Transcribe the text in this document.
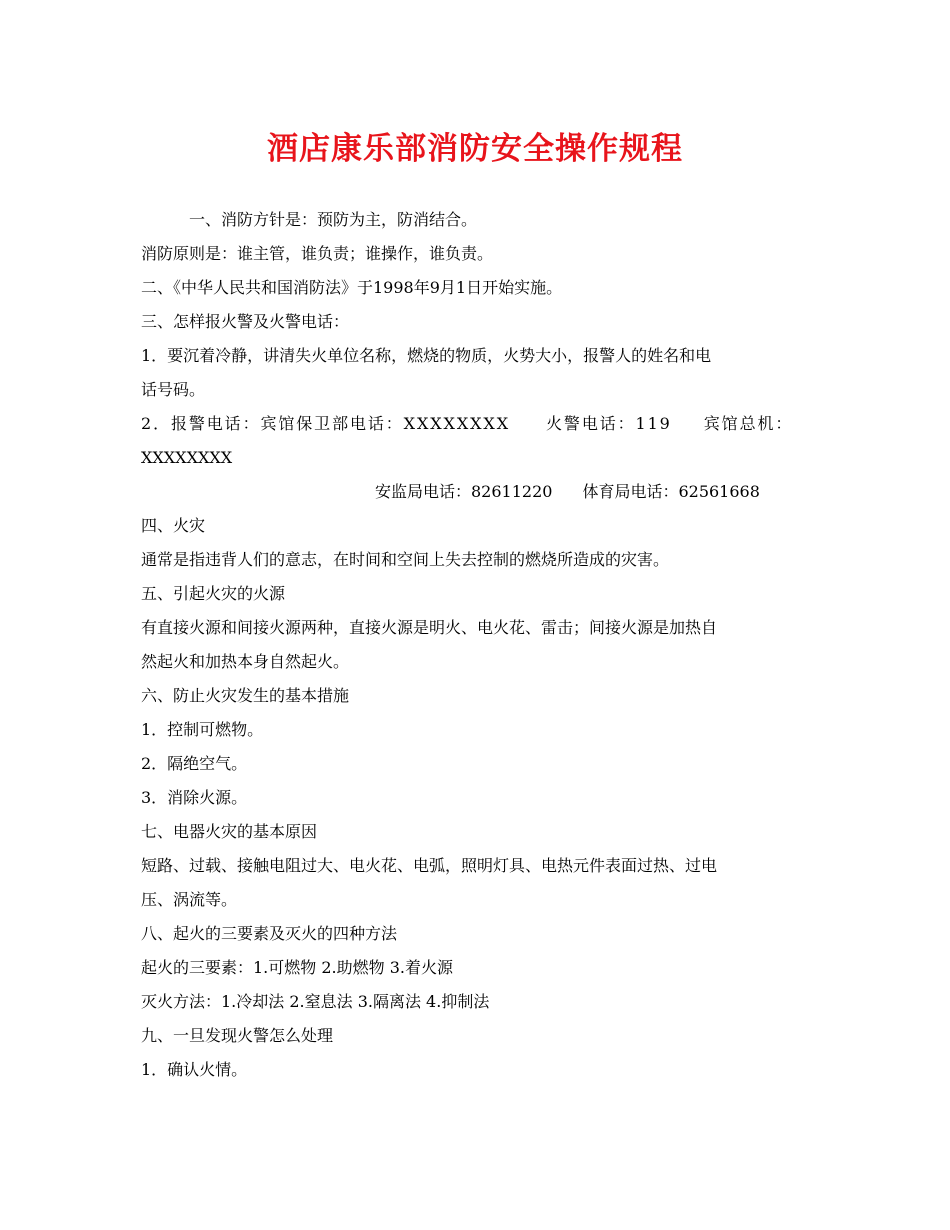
酒店康乐部消防安全操作规程
一、消防方针是：预防为主，防消结合。
消防原则是：谁主管，谁负责；谁操作，谁负责。
二、《中华人民共和国消防法》于1998年9月1日开始实施。
三、怎样报火警及火警电话：
1．要沉着冷静，讲清失火单位名称，燃烧的物质，火势大小，报警人的姓名和电
话号码。
2．报警电话：宾馆保卫部电话：XXXXXXXX 火警电话：119 宾馆总机：
XXXXXXXX
安监局电话：82611220 体育局电话：62561668
四、火灾
通常是指违背人们的意志，在时间和空间上失去控制的燃烧所造成的灾害。
五、引起火灾的火源
有直接火源和间接火源两种，直接火源是明火、电火花、雷击；间接火源是加热自
然起火和加热本身自然起火。
六、防止火灾发生的基本措施
1．控制可燃物。
2．隔绝空气。
3．消除火源。
七、电器火灾的基本原因
短路、过载、接触电阻过大、电火花、电弧，照明灯具、电热元件表面过热、过电
压、涡流等。
八、起火的三要素及灭火的四种方法
起火的三要素：1.可燃物 2.助燃物 3.着火源
灭火方法：1.冷却法 2.窒息法 3.隔离法 4.抑制法
九、一旦发现火警怎么处理
1．确认火情。
